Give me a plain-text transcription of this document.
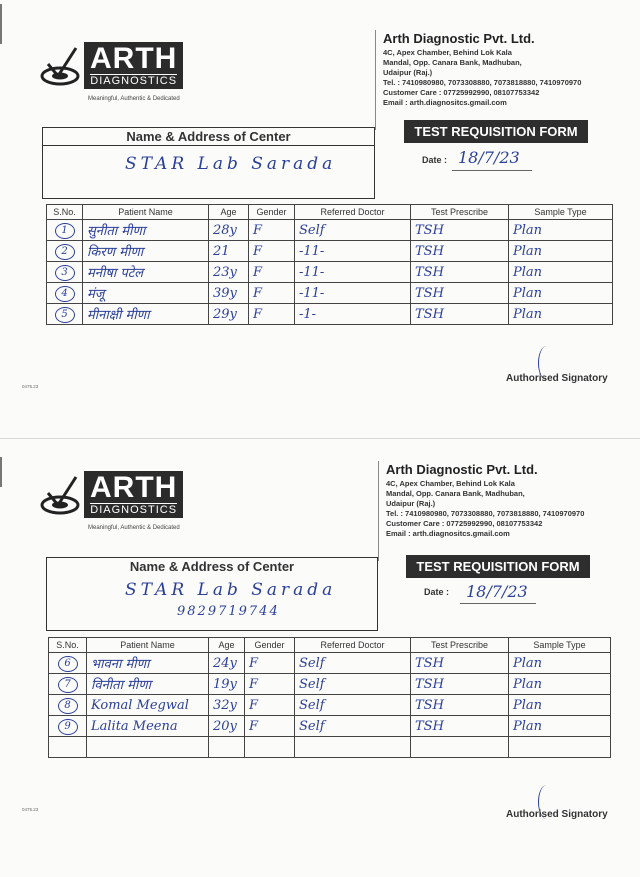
ARTH
DIAGNOSTICS
Meaningful, Authentic & Dedicated
Arth Diagnostic Pvt. Ltd.
4C, Apex Chamber, Behind Lok Kala
Mandal, Opp. Canara Bank, Madhuban,
Udaipur (Raj.)
Tel. : 7410980980, 7073308880, 7073818880, 7410970970
Customer Care : 07725992990, 08107753342
Email : arth.diagnositcs.gmail.com
Name & Address of Center
STAR Lab Sarada
TEST REQUISITION FORM
Date : 18/7/23
S.No.	Patient Name	Age	Gender	Referred Doctor	Test Prescribe	Sample Type
1	सुनीता मीणा	28y	F	Self	TSH	Plan
2	किरण मीणा	21	F	-11-	TSH	Plan
3	मनीषा पटेल	23y	F	-11-	TSH	Plan
4	मंजू	39y	F	-11-	TSH	Plan
5	मीनाक्षी मीणा	29y	F	-1-	TSH	Plan
0475.23
Authorised Signatory
ARTH
DIAGNOSTICS
Meaningful, Authentic & Dedicated
Arth Diagnostic Pvt. Ltd.
4C, Apex Chamber, Behind Lok Kala
Mandal, Opp. Canara Bank, Madhuban,
Udaipur (Raj.)
Tel. : 7410980980, 7073308880, 7073818880, 7410970970
Customer Care : 07725992990, 08107753342
Email : arth.diagnositcs.gmail.com
Name & Address of Center
STAR Lab Sarada
9829719744
TEST REQUISITION FORM
Date : 18/7/23
S.No.	Patient Name	Age	Gender	Referred Doctor	Test Prescribe	Sample Type
6	भावना मीणा	24y	F	Self	TSH	Plan
7	विनीता मीणा	19y	F	Self	TSH	Plan
8	Komal Megwal	32y	F	Self	TSH	Plan
9	Lalita Meena	20y	F	Self	TSH	Plan

0475.23	Authorised Signatory
